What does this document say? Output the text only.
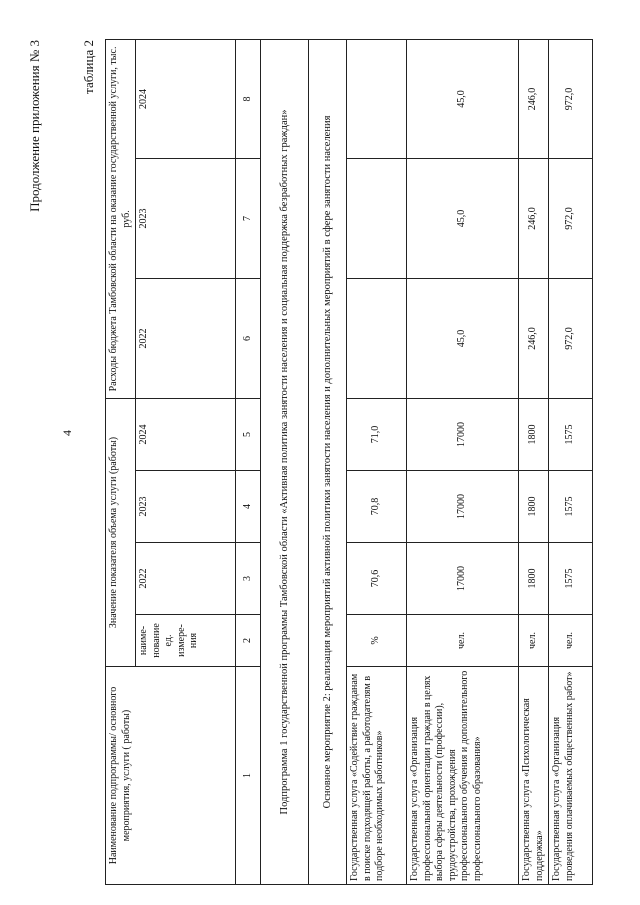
4
Продолжение приложения № 3	таблица 2
Наименование подпрограммы/ основного мероприятия, услуги ( работы)	Значение показателя объема услуги (работы)				Расходы бюджета Тамбовской области на оказание государственной услуги, тыс. руб.		
	наиме- нование ед. измере- ния	2022	2023	2024	2022	2023	2024
1	2	3	4	5	6	7	8
Подпрограмма 1 государственной программы Тамбовской области «Активная политика занятости населения и социальная поддержка безработных граждан»							
Основное мероприятие 2: реализация мероприятий активной политики занятости населения и дополнительных мероприятий в сфере занятости населения							
Государственная услуга «Содействие гражданам в поиске подходящей работы, а работодателям в подборе необходимых работников»	%	70,6	70,8	71,0			
Государственная услуга «Организация профессиональной ориентации граждан в целях выбора сферы деятельности (профессии), трудоустройства, прохождения профессионального обучения и дополнительного профессионального образования»	чел.	17000	17000	17000	45,0	45,0	45,0
Государственная услуга «Психологическая поддержка»	чел.	1800	1800	1800	246,0	246,0	246,0
Государственная услуга «Организация проведения оплачиваемых общественных работ»	чел.	1575	1575	1575	972,0	972,0	972,0
